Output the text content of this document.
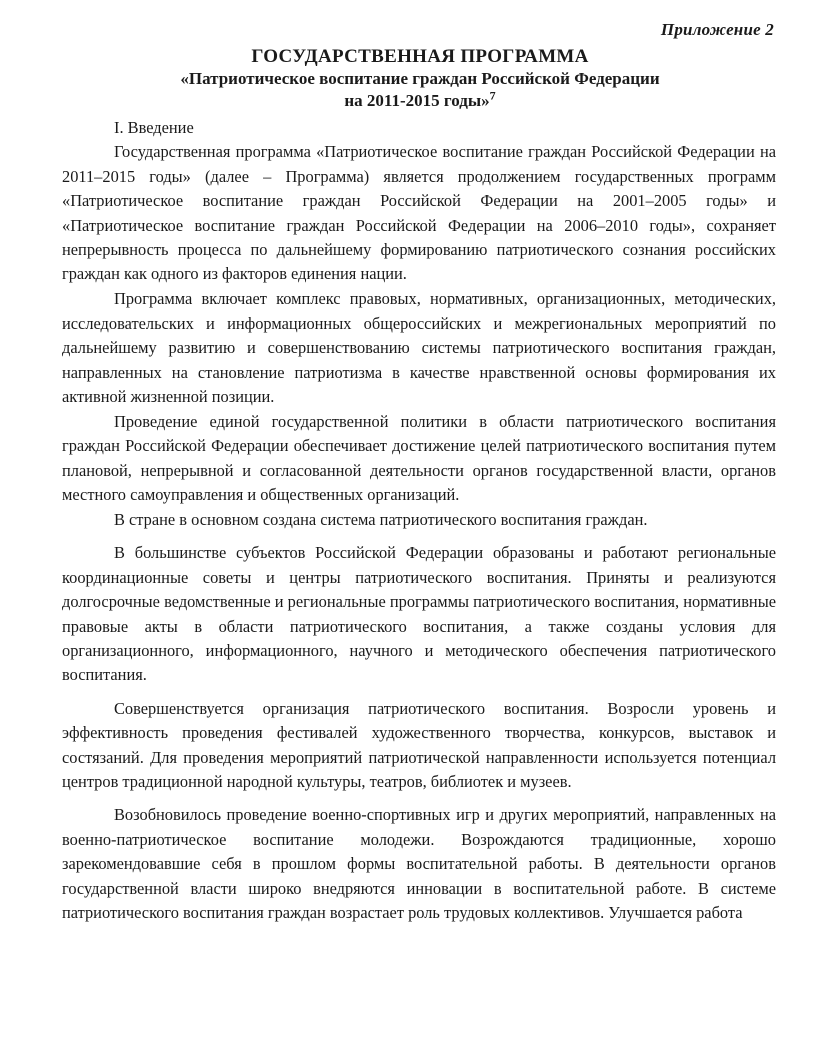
Приложение 2
ГОСУДАРСТВЕННАЯ ПРОГРАММА
«Патриотическое воспитание граждан Российской Федерации
на 2011-2015 годы»$^7$
I. Введение

Государственная программа «Патриотическое воспитание граждан Российской Федерации на 2011–2015 годы» (далее – Программа) является продолжением государственных программ «Патриотическое воспитание граждан Российской Федерации на 2001–2005 годы» и «Патриотическое воспитание граждан Российской Федерации на 2006–2010 годы», сохраняет непрерывность процесса по дальнейшему формированию патриотического сознания российских граждан как одного из факторов единения нации.

Программа включает комплекс правовых, нормативных, организационных, методических, исследовательских и информационных общероссийских и межрегиональных мероприятий по дальнейшему развитию и совершенствованию системы патриотического воспитания граждан, направленных на становление патриотизма в качестве нравственной основы формирования их активной жизненной позиции.

Проведение единой государственной политики в области патриотического воспитания граждан Российской Федерации обеспечивает достижение целей патриотического воспитания путем плановой, непрерывной и согласованной деятельности органов государственной власти, органов местного самоуправления и общественных организаций.

В стране в основном создана система патриотического воспитания граждан.

В большинстве субъектов Российской Федерации образованы и работают региональные координационные советы и центры патриотического воспитания. Приняты и реализуются долгосрочные ведомственные и региональные программы патриотического воспитания, нормативные правовые акты в области патриотического воспитания, а также созданы условия для организационного, информационного, научного и методического обеспечения патриотического воспитания.

Совершенствуется организация патриотического воспитания. Возросли уровень и эффективность проведения фестивалей художественного творчества, конкурсов, выставок и состязаний. Для проведения мероприятий патриотической направленности используется потенциал центров традиционной народной культуры, театров, библиотек и музеев.

Возобновилось проведение военно-спортивных игр и других мероприятий, направленных на военно-патриотическое воспитание молодежи. Возрождаются традиционные, хорошо зарекомендовавшие себя в прошлом формы воспитательной работы. В деятельности органов государственной власти широко внедряются инновации в воспитательной работе. В системе патриотического воспитания граждан возрастает роль трудовых коллективов. Улучшается работа
